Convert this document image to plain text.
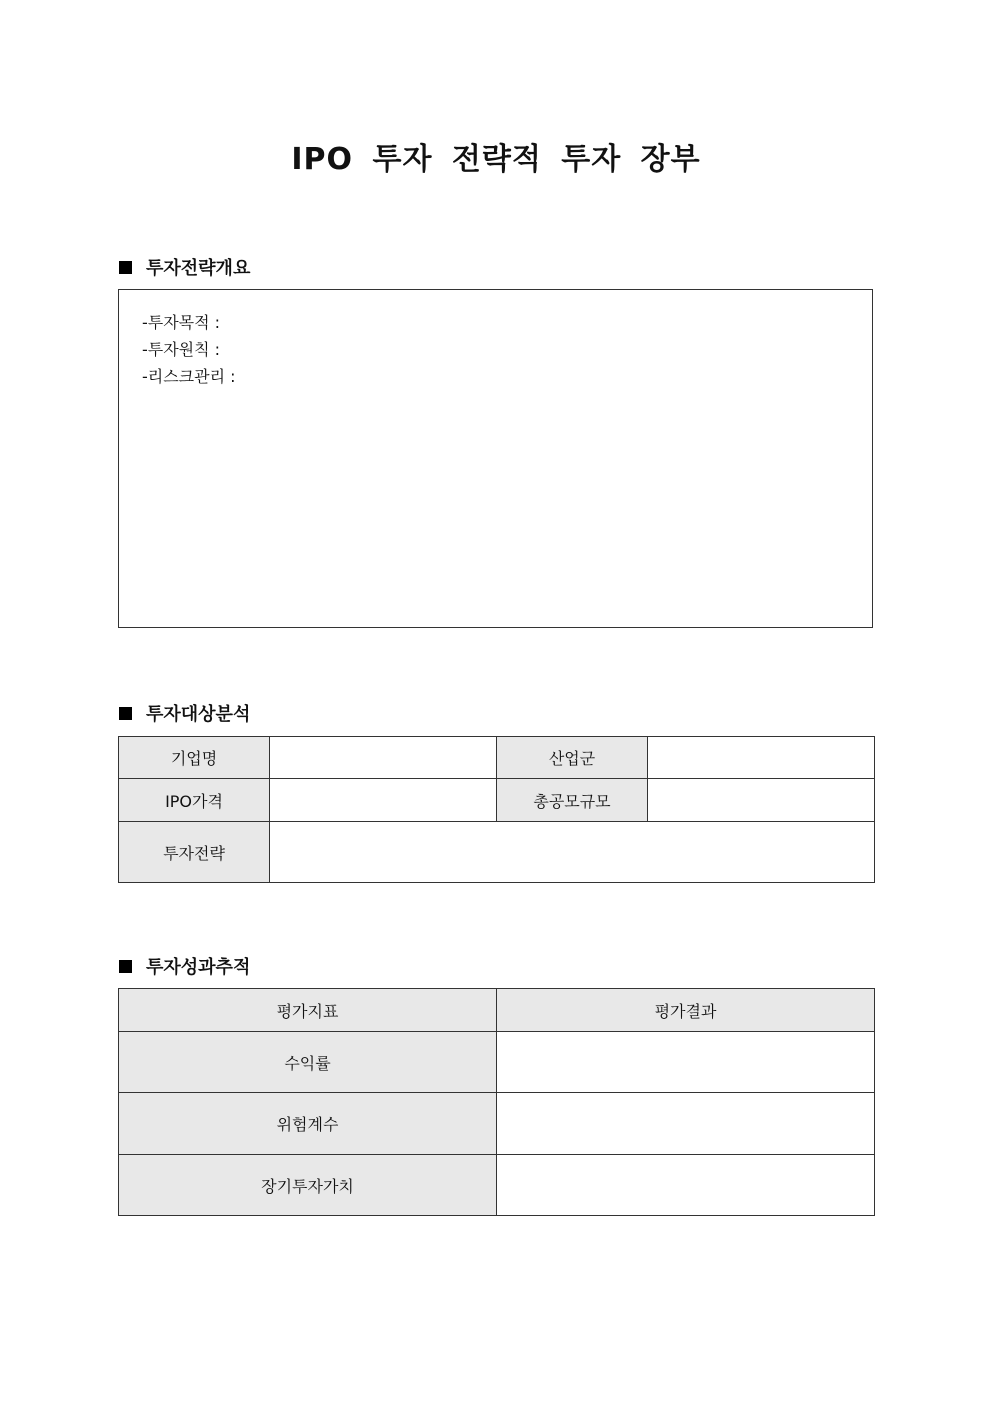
IPO 투자 전략적 투자 장부
투자전략개요
-투자목적 :
-투자원칙 :
-리스크관리 :
투자대상분석
기업명		산업군	
IPO가격		총공모규모	
투자전략			
투자성과추적
평가지표	평가결과
수익률	
위험계수	
장기투자가치	
